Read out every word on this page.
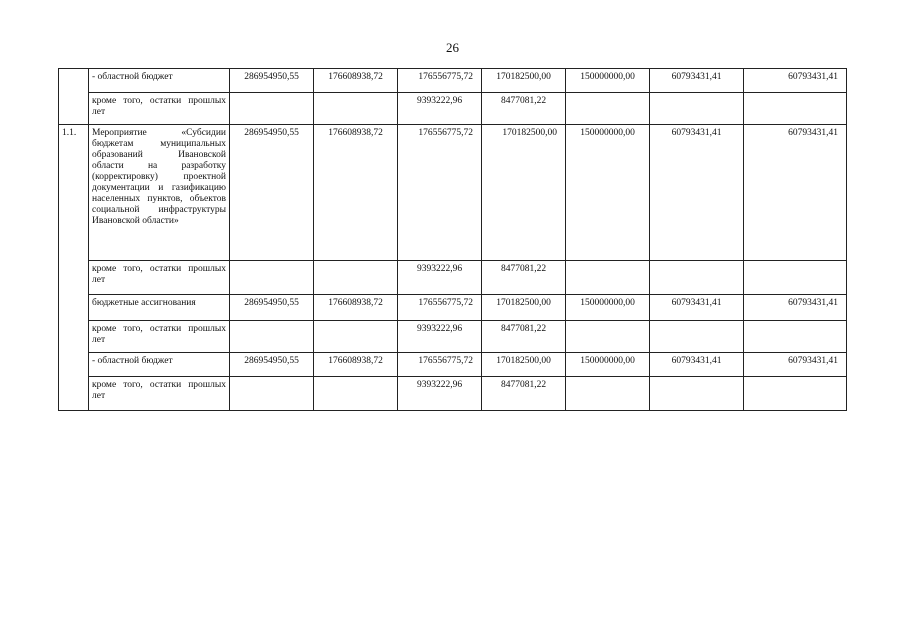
26
	- областной бюджет	286954950,55	176608938,72	176556775,72	170182500,00	150000000,00	60793431,41	60793431,41
	кроме того, остатки прошлых лет			9393222,96	8477081,22			
1.1.	Мероприятие «Субсидии бюджетам муниципальных образований Ивановской области на разработку (корректировку) проектной документации и газификацию населенных пунктов, объектов социальной инфраструктуры Ивановской области»	286954950,55	176608938,72	176556775,72	170182500,00	150000000,00	60793431,41	60793431,41
	кроме того, остатки прошлых лет			9393222,96	8477081,22			
	бюджетные ассигнования	286954950,55	176608938,72	176556775,72	170182500,00	150000000,00	60793431,41	60793431,41
	кроме того, остатки прошлых лет			9393222,96	8477081,22			
	- областной бюджет	286954950,55	176608938,72	176556775,72	170182500,00	150000000,00	60793431,41	60793431,41
	кроме того, остатки прошлых лет			9393222,96	8477081,22			
